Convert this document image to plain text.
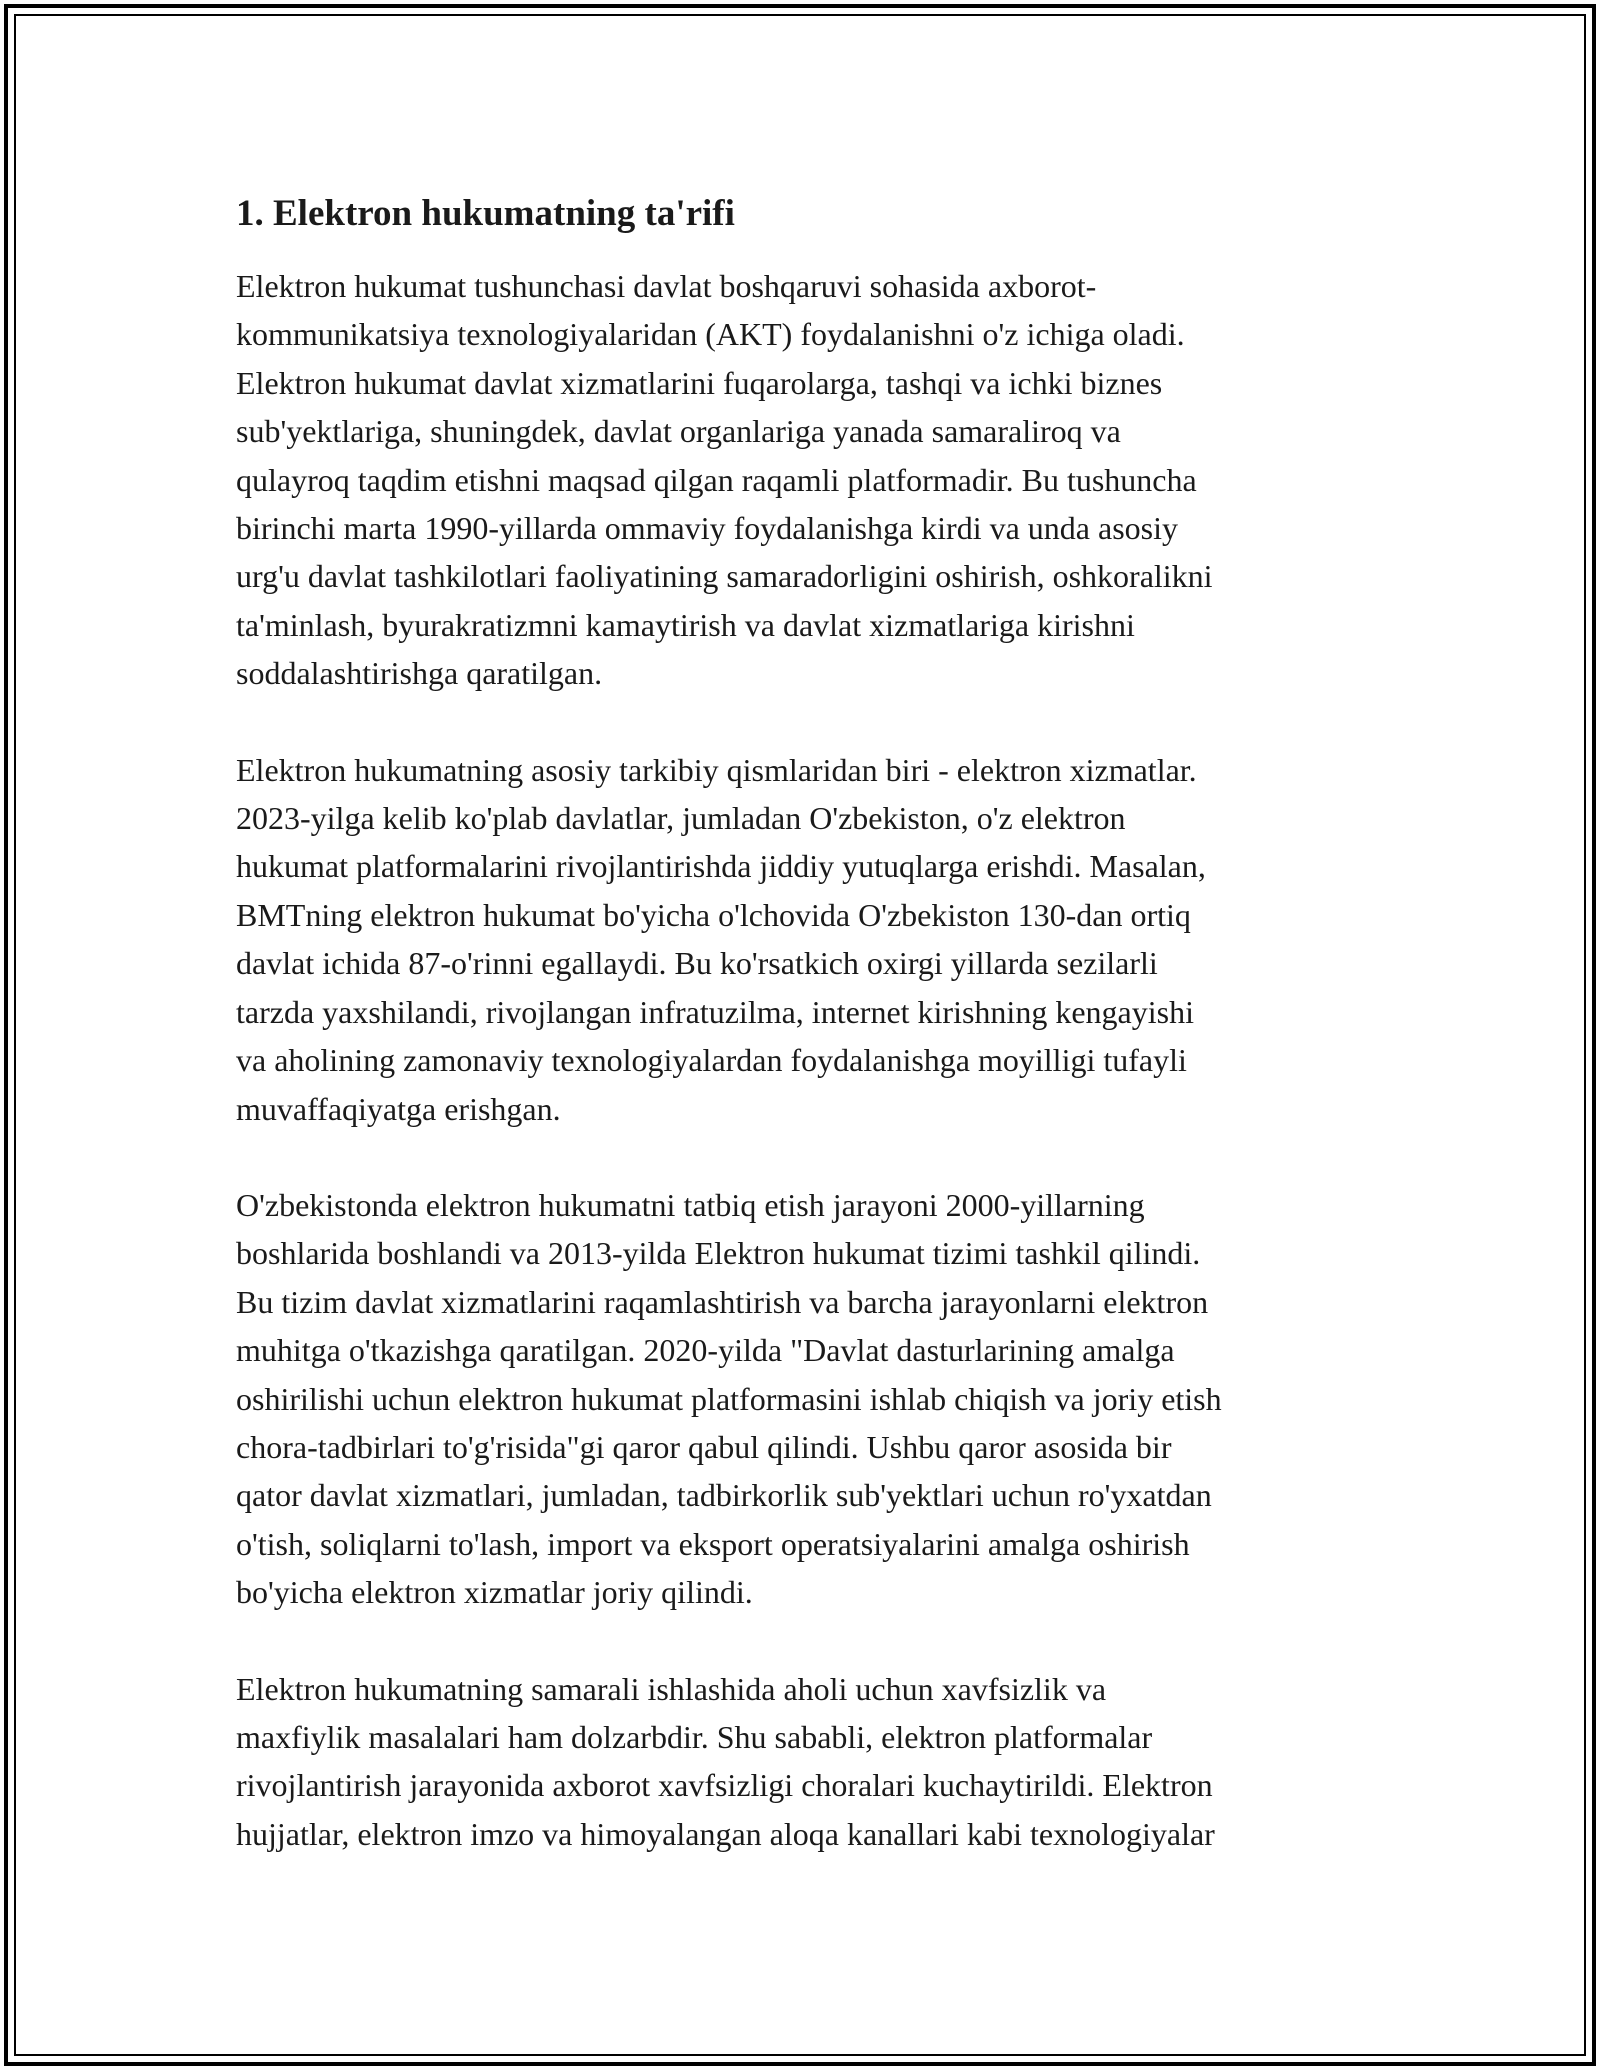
1. Elektron hukumatning ta'rifi
Elektron hukumat tushunchasi davlat boshqaruvi sohasida axborot-
kommunikatsiya texnologiyalaridan (AKT) foydalanishni o'z ichiga oladi.
Elektron hukumat davlat xizmatlarini fuqarolarga, tashqi va ichki biznes
sub'yektlariga, shuningdek, davlat organlariga yanada samaraliroq va
qulayroq taqdim etishni maqsad qilgan raqamli platformadir. Bu tushuncha
birinchi marta 1990-yillarda ommaviy foydalanishga kirdi va unda asosiy
urg'u davlat tashkilotlari faoliyatining samaradorligini oshirish, oshkoralikni
ta'minlash, byurakratizmni kamaytirish va davlat xizmatlariga kirishni
soddalashtirishga qaratilgan.
Elektron hukumatning asosiy tarkibiy qismlaridan biri - elektron xizmatlar.
2023-yilga kelib ko'plab davlatlar, jumladan O'zbekiston, o'z elektron
hukumat platformalarini rivojlantirishda jiddiy yutuqlarga erishdi. Masalan,
BMTning elektron hukumat bo'yicha o'lchovida O'zbekiston 130-dan ortiq
davlat ichida 87-o'rinni egallaydi. Bu ko'rsatkich oxirgi yillarda sezilarli
tarzda yaxshilandi, rivojlangan infratuzilma, internet kirishning kengayishi
va aholining zamonaviy texnologiyalardan foydalanishga moyilligi tufayli
muvaffaqiyatga erishgan.
O'zbekistonda elektron hukumatni tatbiq etish jarayoni 2000-yillarning
boshlarida boshlandi va 2013-yilda Elektron hukumat tizimi tashkil qilindi.
Bu tizim davlat xizmatlarini raqamlashtirish va barcha jarayonlarni elektron
muhitga o'tkazishga qaratilgan. 2020-yilda "Davlat dasturlarining amalga
oshirilishi uchun elektron hukumat platformasini ishlab chiqish va joriy etish
chora-tadbirlari to'g'risida"gi qaror qabul qilindi. Ushbu qaror asosida bir
qator davlat xizmatlari, jumladan, tadbirkorlik sub'yektlari uchun ro'yxatdan
o'tish, soliqlarni to'lash, import va eksport operatsiyalarini amalga oshirish
bo'yicha elektron xizmatlar joriy qilindi.
Elektron hukumatning samarali ishlashida aholi uchun xavfsizlik va
maxfiylik masalalari ham dolzarbdir. Shu sababli, elektron platformalar
rivojlantirish jarayonida axborot xavfsizligi choralari kuchaytirildi. Elektron
hujjatlar, elektron imzo va himoyalangan aloqa kanallari kabi texnologiyalar
